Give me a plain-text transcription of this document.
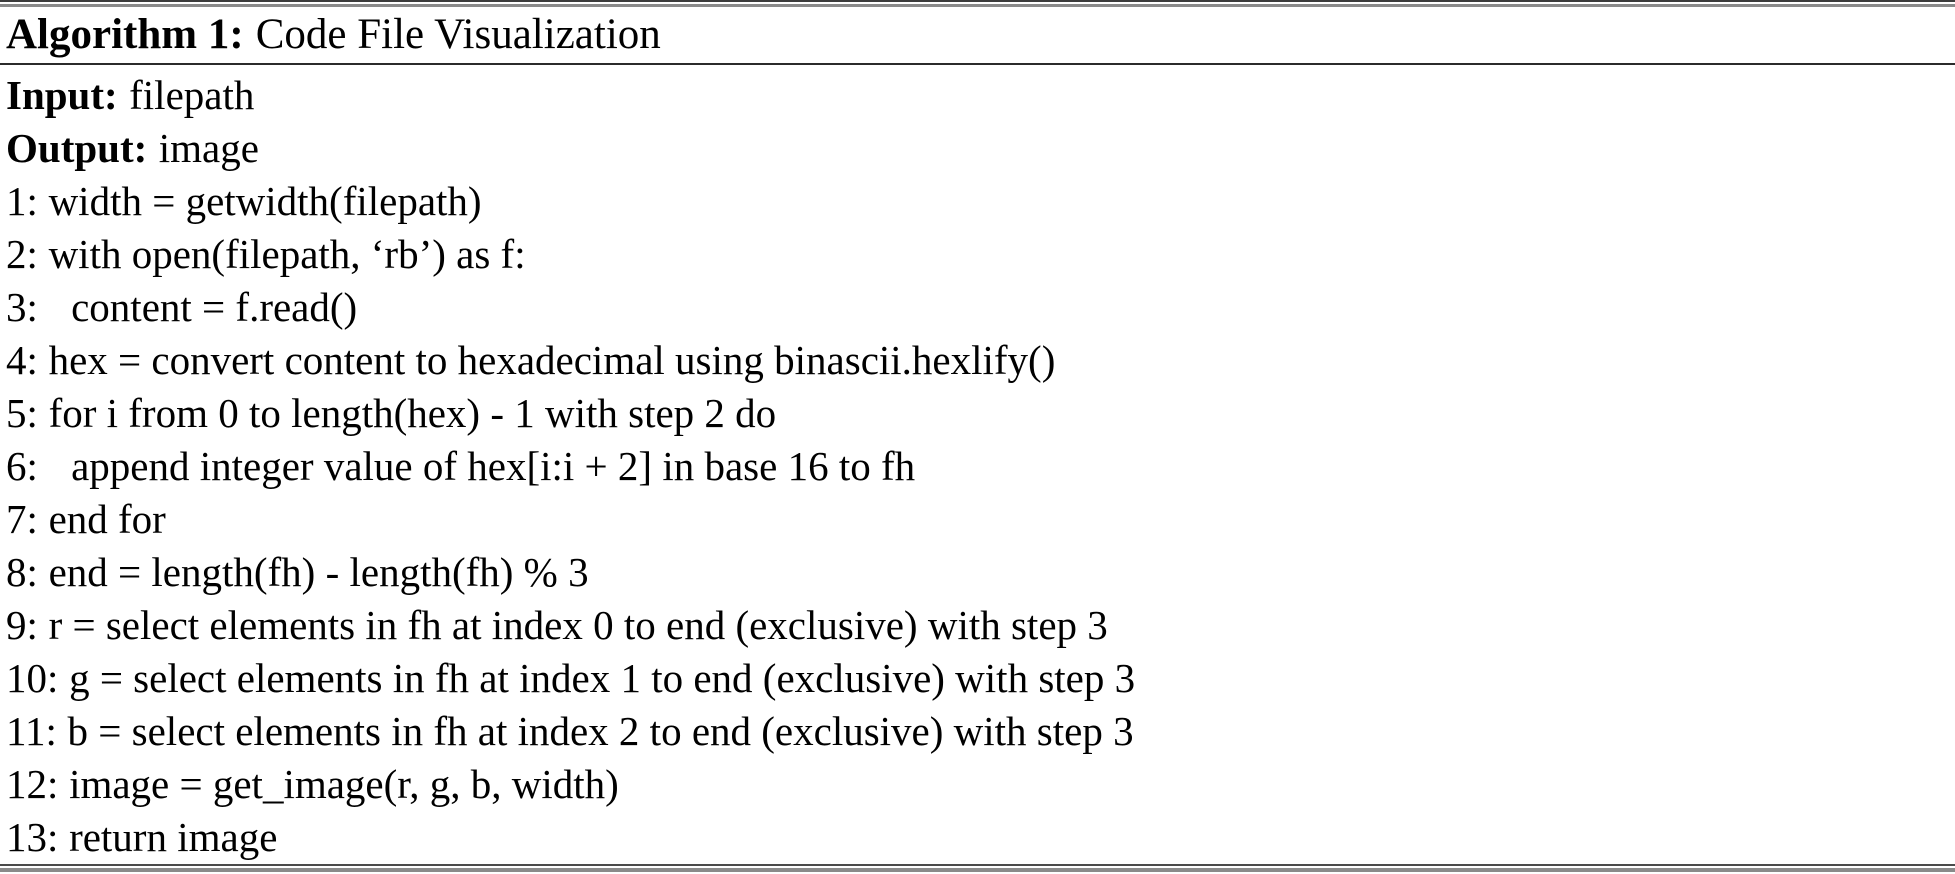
Algorithm 1: Code File Visualization
Input: filepath
Output: image
1: width = getwidth(filepath)
2: with open(filepath, ‘rb’) as f:
3: content = f.read()
4: hex = convert content to hexadecimal using binascii.hexlify()
5: for i from 0 to length(hex) - 1 with step 2 do
6: append integer value of hex[i:i + 2] in base 16 to fh
7: end for
8: end = length(fh) - length(fh) % 3
9: r = select elements in fh at index 0 to end (exclusive) with step 3
10: g = select elements in fh at index 1 to end (exclusive) with step 3
11: b = select elements in fh at index 2 to end (exclusive) with step 3
12: image = get_image(r, g, b, width)
13: return image
